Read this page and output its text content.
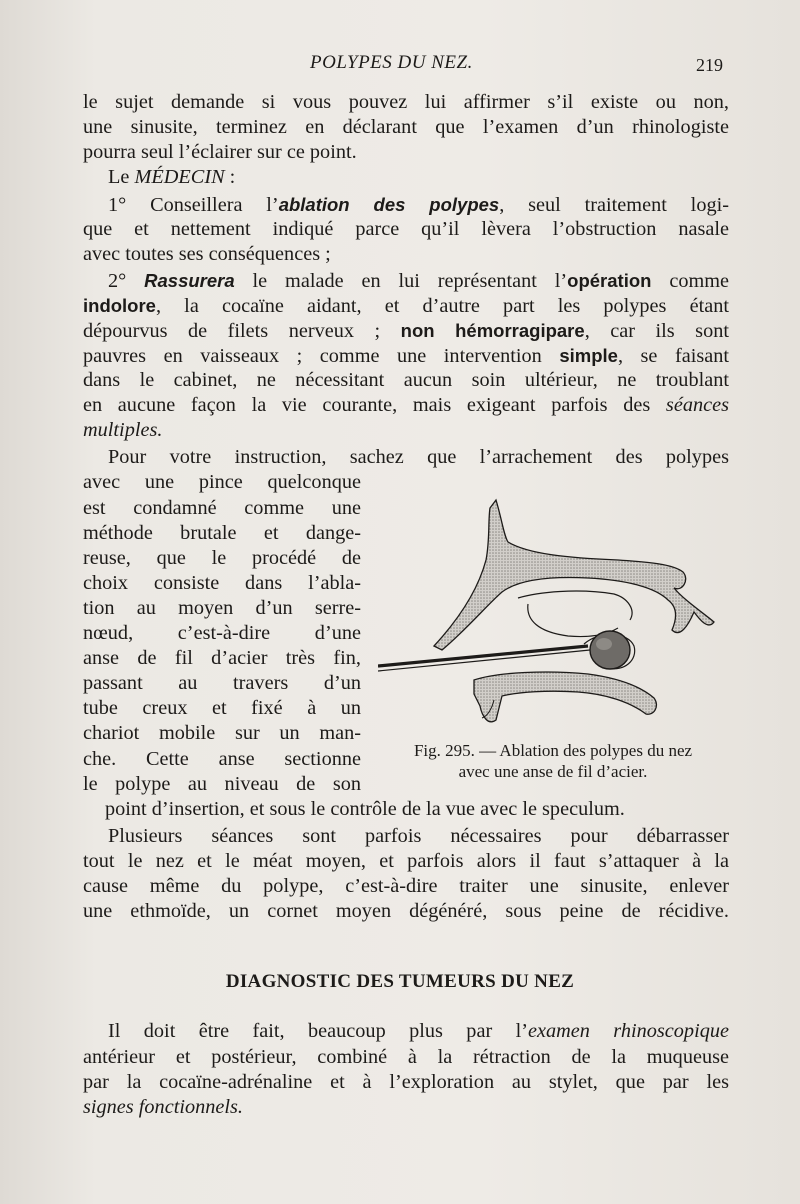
POLYPES DU NEZ.	219
le sujet demande si vous pouvez lui affirmer s’il existe ou non,
une sinusite, terminez en déclarant que l’examen d’un rhinologiste
pourra seul l’éclairer sur ce point.
Le MÉDECIN :
1° Conseillera l’ablation des polypes, seul traitement logi-
que et nettement indiqué parce qu’il lèvera l’obstruction nasale
avec toutes ses conséquences ;
2° Rassurera le malade en lui représentant l’opération comme
indolore, la cocaïne aidant, et d’autre part les polypes étant
dépourvus de filets nerveux ; non hémorragipare, car ils sont
pauvres en vaisseaux ; comme une intervention simple, se faisant
dans le cabinet, ne nécessitant aucun soin ultérieur, ne troublant
en aucune façon la vie courante, mais exigeant parfois des séances
multiples.
Pour votre instruction, sachez que l’arrachement des polypes
avec une pince quelconque
est condamné comme une
méthode brutale et dange-
reuse, que le procédé de
choix consiste dans l’abla-
tion au moyen d’un serre-
nœud, c’est-à-dire d’une
anse de fil d’acier très fin,
passant au travers d’un
tube creux et fixé à un
chariot mobile sur un man-
che. Cette anse sectionne
le polype au niveau de son
point d’insertion, et sous le contrôle de la vue avec le speculum.
Fig. 295. — Ablation des polypes du nez
avec une anse de fil d’acier.
Plusieurs séances sont parfois nécessaires pour débarrasser
tout le nez et le méat moyen, et parfois alors il faut s’attaquer à la
cause même du polype, c’est-à-dire traiter une sinusite, enlever
une ethmoïde, un cornet moyen dégénéré, sous peine de récidive.
DIAGNOSTIC DES TUMEURS DU NEZ
Il doit être fait, beaucoup plus par l’examen rhinoscopique
antérieur et postérieur, combiné à la rétraction de la muqueuse
par la cocaïne-adrénaline et à l’exploration au stylet, que par les
signes fonctionnels.
